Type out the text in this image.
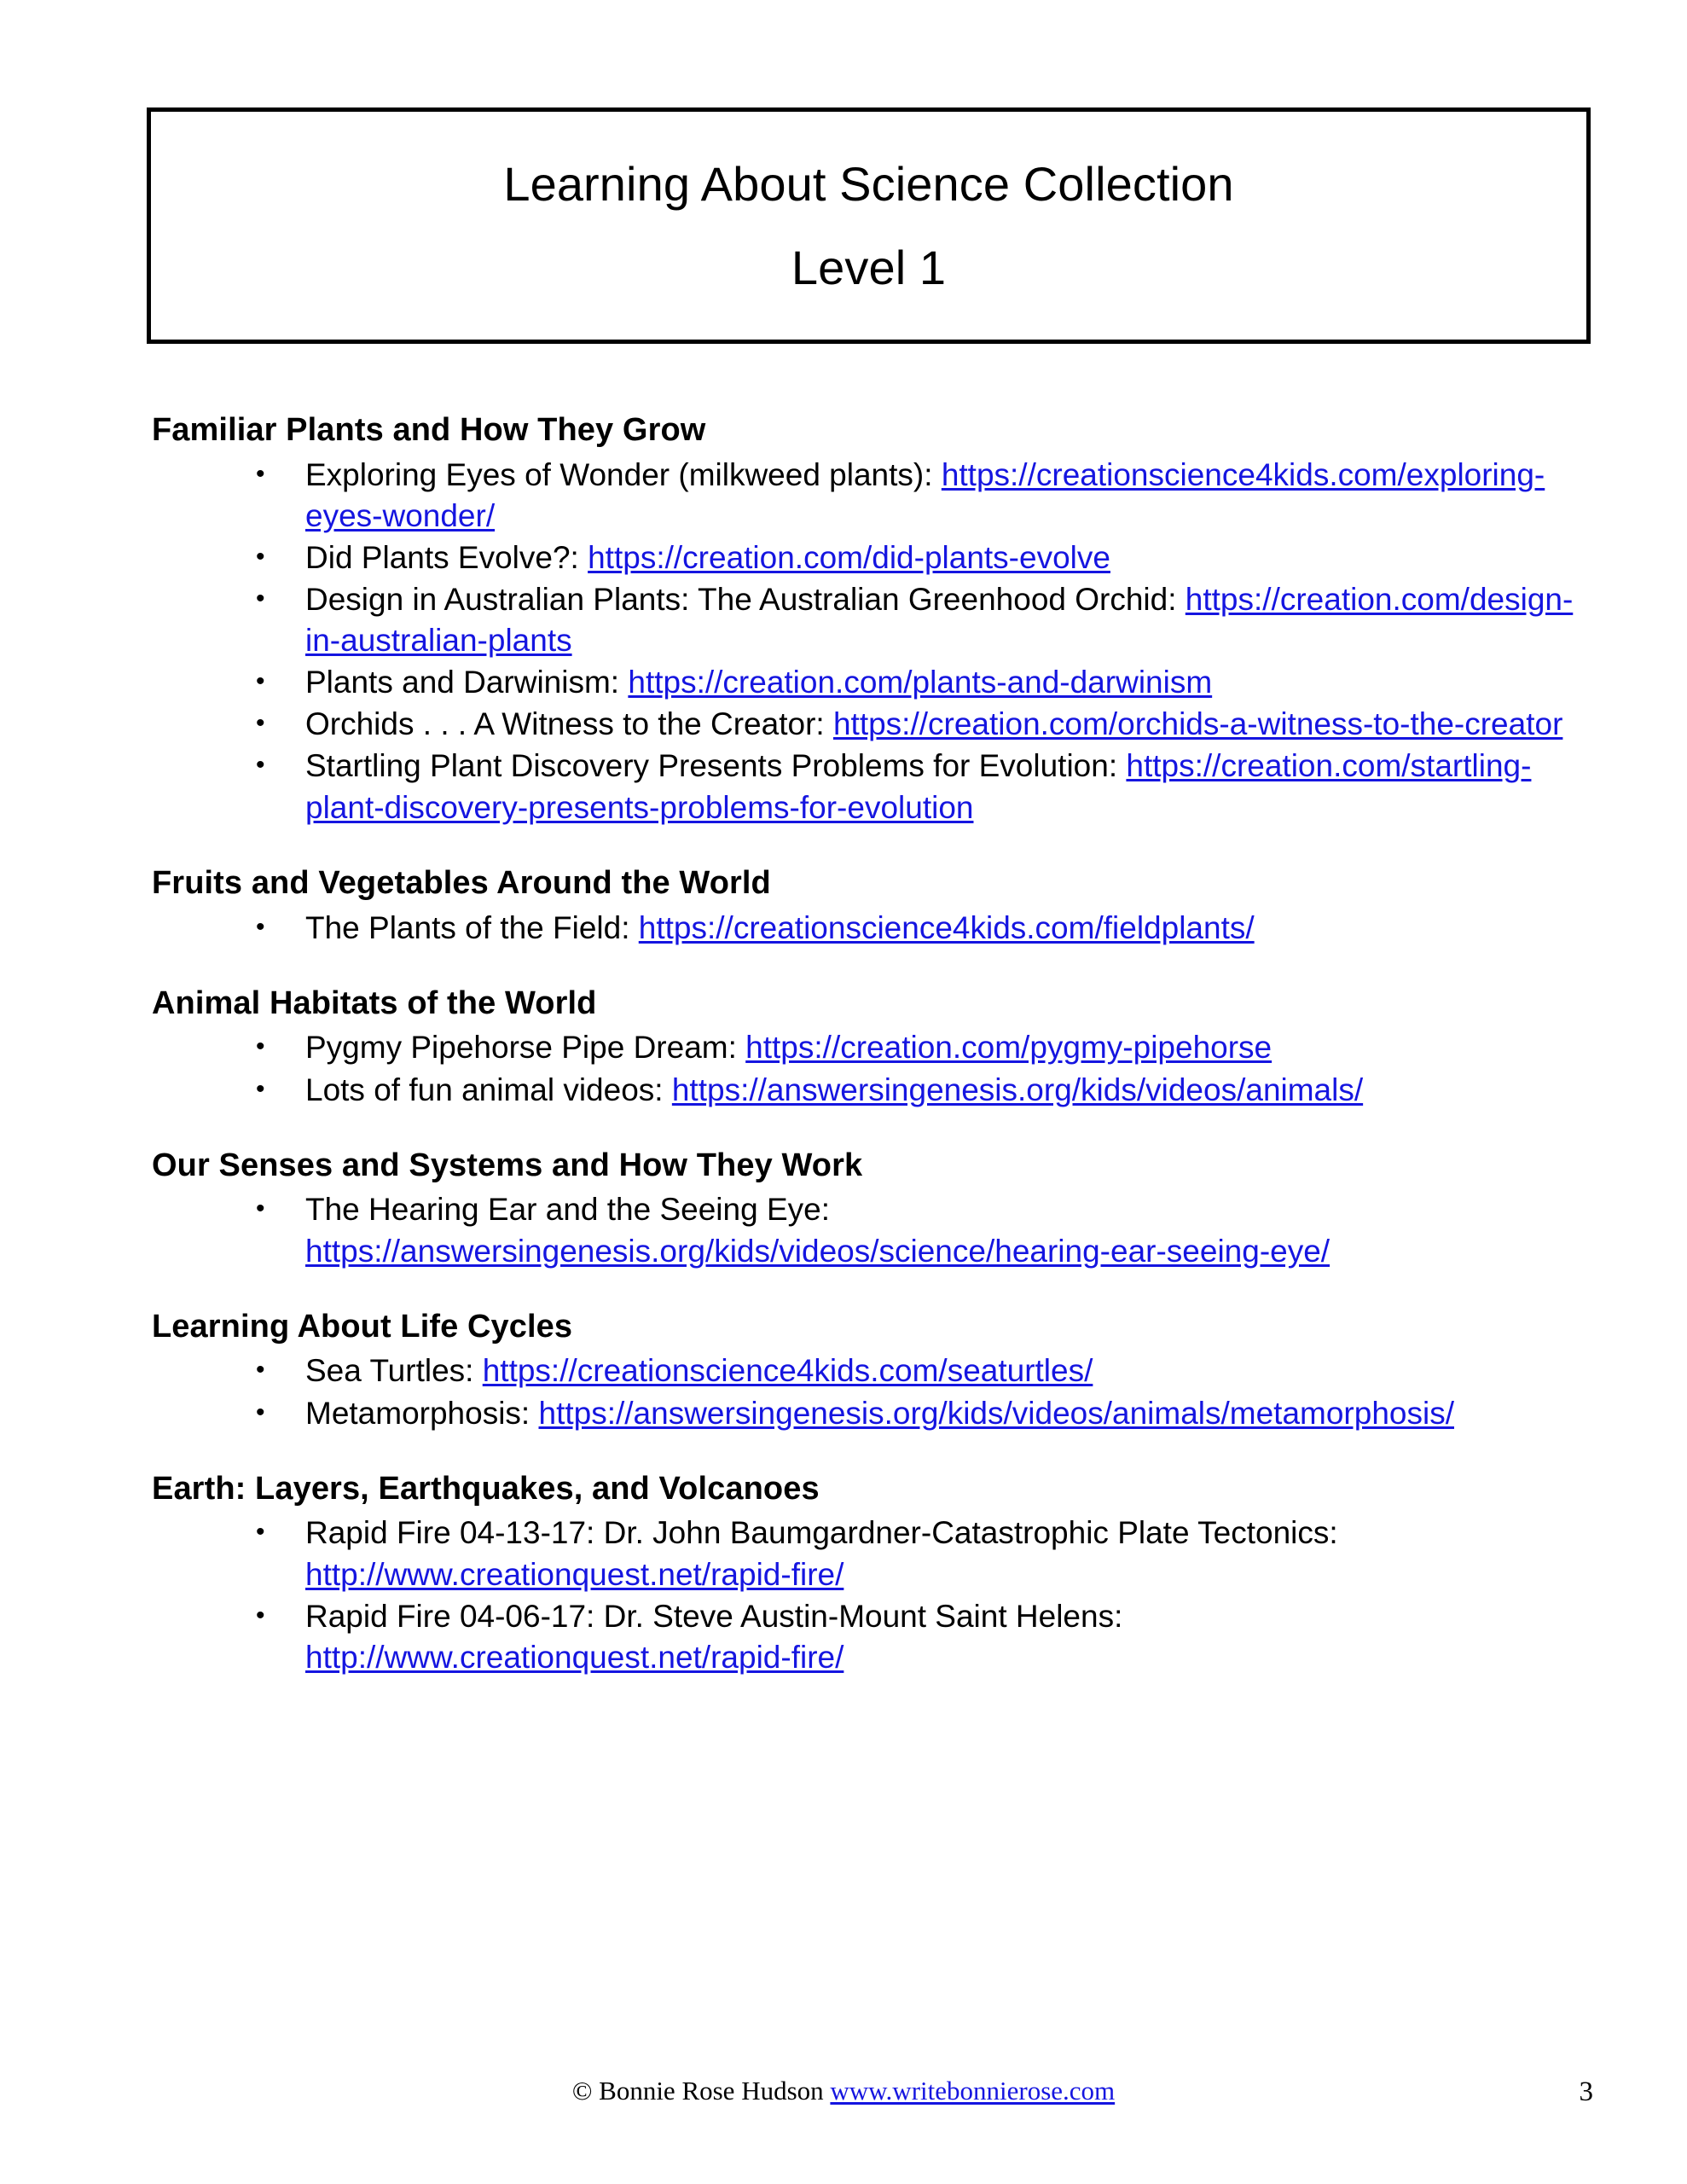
Learning About Science Collection
Level 1
Familiar Plants and How They Grow
• Exploring Eyes of Wonder (milkweed plants): https://creationscience4kids.com/exploring-eyes-wonder/
• Did Plants Evolve?: https://creation.com/did-plants-evolve
• Design in Australian Plants: The Australian Greenhood Orchid: https://creation.com/design-in-australian-plants
• Plants and Darwinism: https://creation.com/plants-and-darwinism
• Orchids . . . A Witness to the Creator: https://creation.com/orchids-a-witness-to-the-creator
• Startling Plant Discovery Presents Problems for Evolution: https://creation.com/startling-plant-discovery-presents-problems-for-evolution
Fruits and Vegetables Around the World
• The Plants of the Field: https://creationscience4kids.com/fieldplants/
Animal Habitats of the World
• Pygmy Pipehorse Pipe Dream: https://creation.com/pygmy-pipehorse
• Lots of fun animal videos: https://answersingenesis.org/kids/videos/animals/
Our Senses and Systems and How They Work
• The Hearing Ear and the Seeing Eye: https://answersingenesis.org/kids/videos/science/hearing-ear-seeing-eye/
Learning About Life Cycles
• Sea Turtles: https://creationscience4kids.com/seaturtles/
• Metamorphosis: https://answersingenesis.org/kids/videos/animals/metamorphosis/
Earth: Layers, Earthquakes, and Volcanoes
• Rapid Fire 04-13-17: Dr. John Baumgardner-Catastrophic Plate Tectonics: http://www.creationquest.net/rapid-fire/
• Rapid Fire 04-06-17: Dr. Steve Austin-Mount Saint Helens: http://www.creationquest.net/rapid-fire/
© Bonnie Rose Hudson www.writebonnierose.com	3
